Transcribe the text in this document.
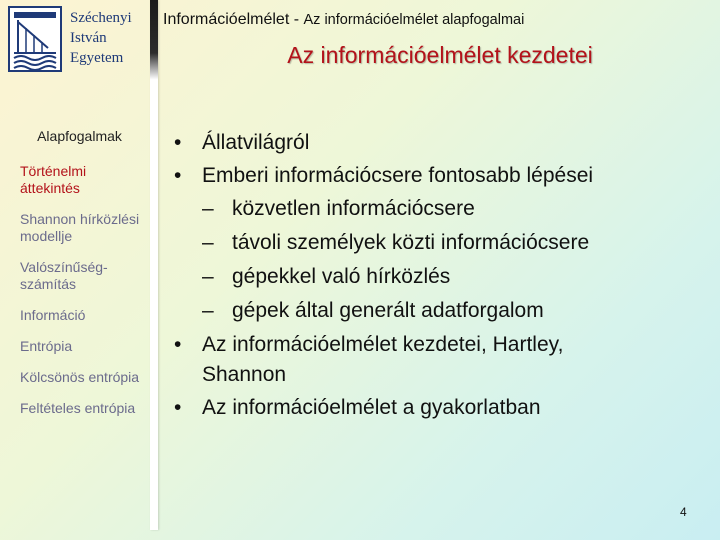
Széchenyi
István
Egyetem
Információelmélet - Az információelmélet alapfogalmai
Az információelmélet kezdetei
Alapfogalmak
Történelmi áttekintés
Shannon hírközlési modellje
Valószínűség-számítás
Információ
Entrópia
Kölcsönös entrópia
Feltételes entrópia
• Állatvilágról
• Emberi információcsere fontosabb lépései
– közvetlen információcsere
– távoli személyek közti információcsere
– gépekkel való hírközlés
– gépek által generált adatforgalom
• Az információelmélet kezdetei, Hartley,
Shannon
• Az információelmélet a gyakorlatban
4
